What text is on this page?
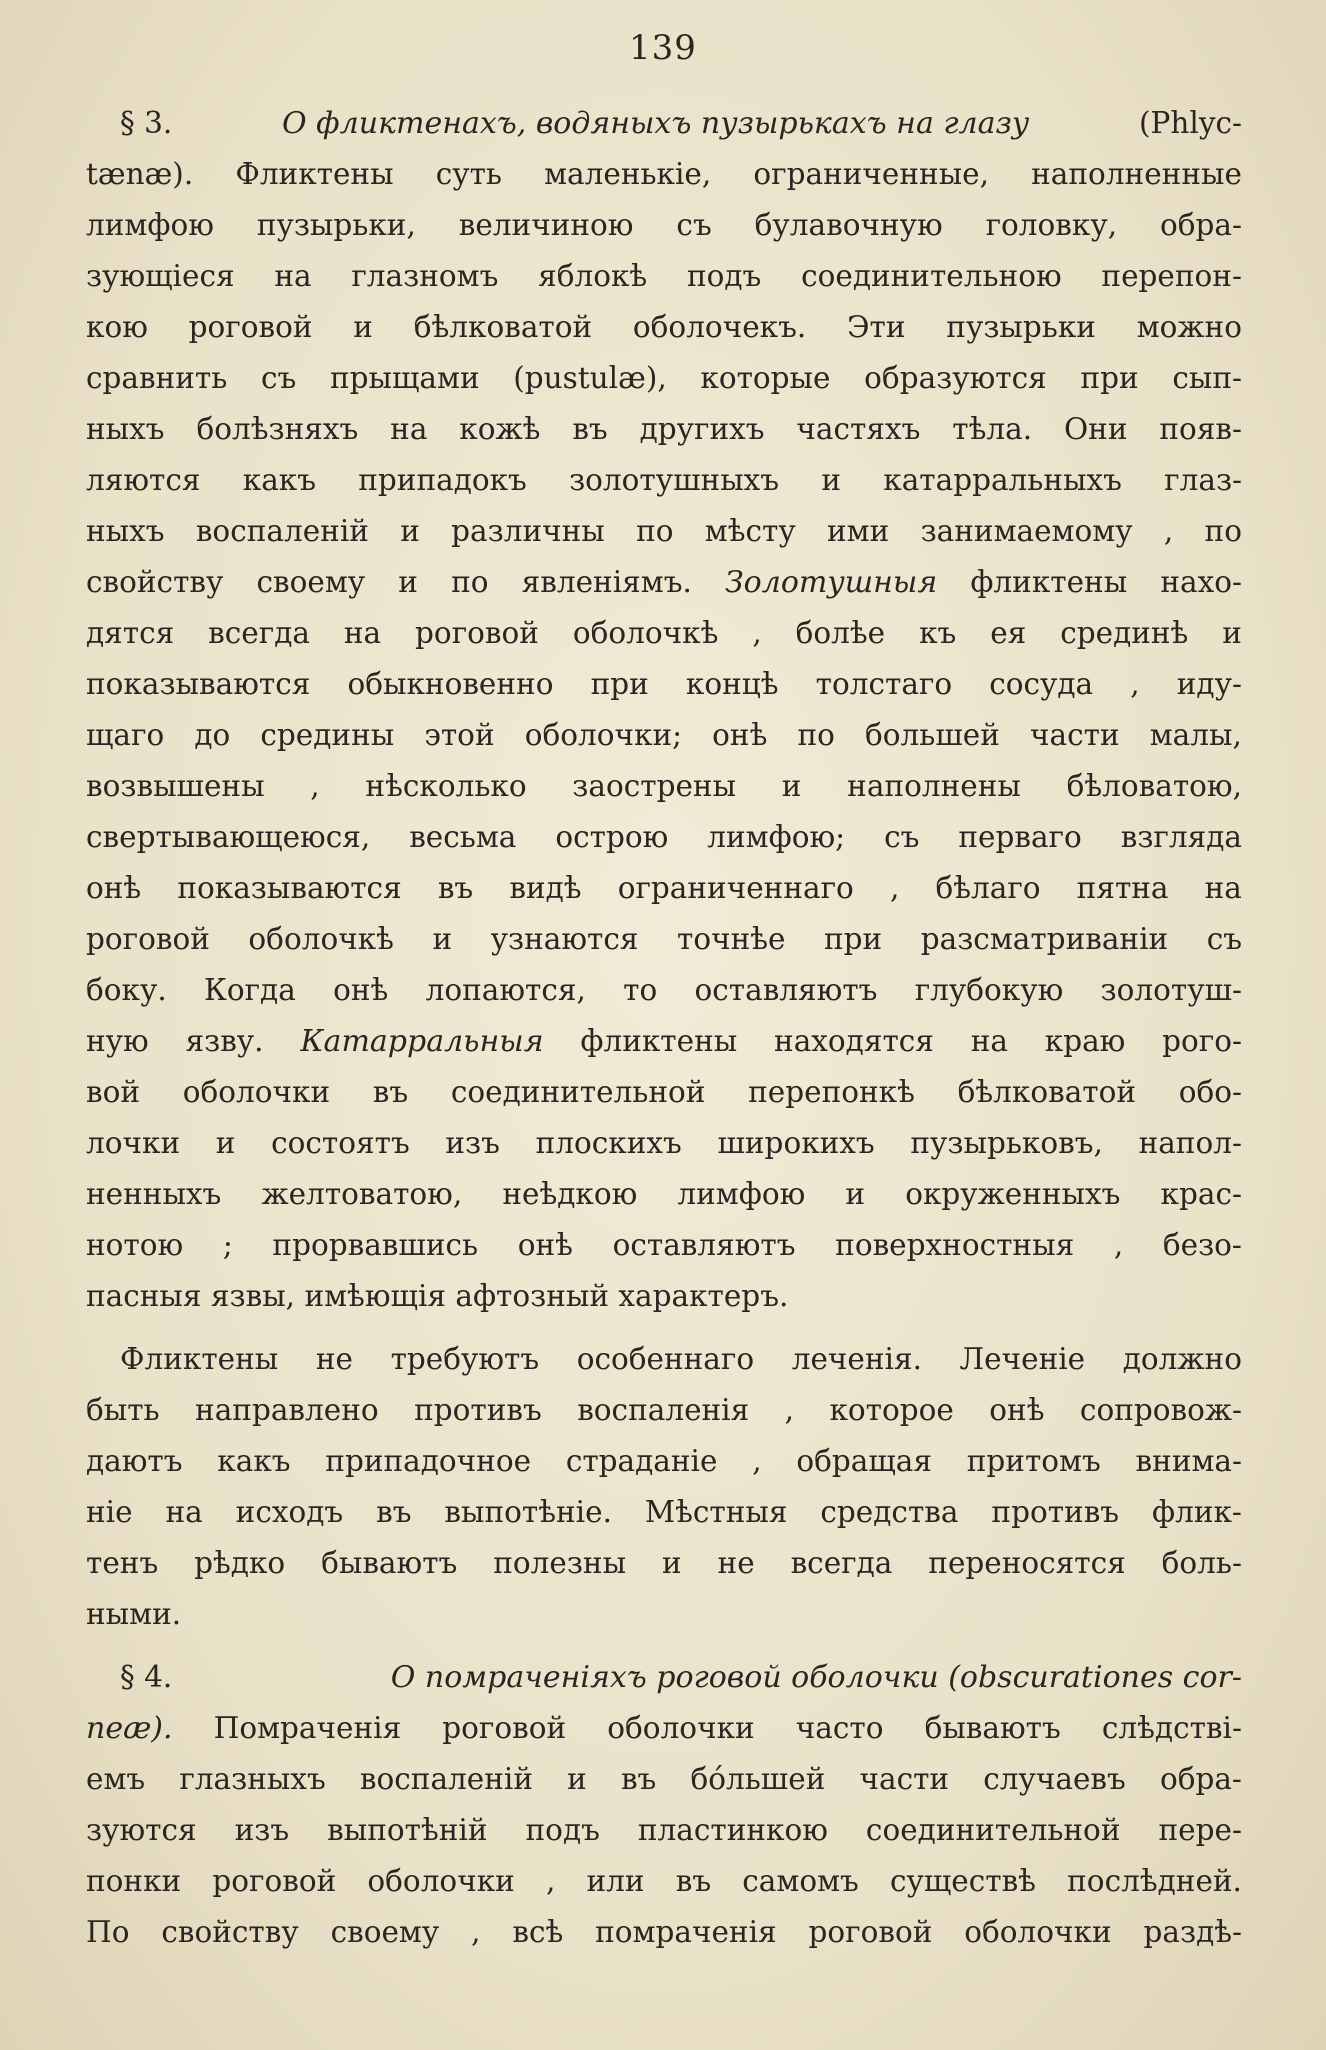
139
§ 3.	О фликтенахъ, водяныхъ пузырькахъ на глазу	(Phlyc-
tænæ). Фликтены суть маленькіе, ограниченные, наполненные
лимфою пузырьки, величиною съ булавочную головку, обра-
зующіеся на глазномъ яблокѣ подъ соединительною перепон-
кою роговой и бѣлковатой оболочекъ. Эти пузырьки можно
сравнить съ прыщами (pustulæ), которые образуются при сып-
ныхъ болѣзняхъ на кожѣ въ другихъ частяхъ тѣла. Они появ-
ляются какъ припадокъ золотушныхъ и катарральныхъ глаз-
ныхъ воспаленій и различны по мѣсту ими занимаемому , по
свойству своему и по явленіямъ. Золотушныя фликтены нахо-
дятся всегда на роговой оболочкѣ , болѣе къ ея срединѣ и
показываются обыкновенно при концѣ толстаго сосуда , иду-
щаго до средины этой оболочки; онѣ по большей части малы,
возвышены , нѣсколько заострены и наполнены бѣловатою,
свертывающеюся, весьма острою лимфою; съ перваго взгляда
онѣ показываются въ видѣ ограниченнаго , бѣлаго пятна на
роговой оболочкѣ и узнаются точнѣе при разсматриваніи съ
боку. Когда онѣ лопаются, то оставляютъ глубокую золотуш-
ную язву. Катарральныя фликтены находятся на краю рого-
вой оболочки въ соединительной перепонкѣ бѣлковатой обо-
лочки и состоятъ изъ плоскихъ широкихъ пузырьковъ, напол-
ненныхъ желтоватою, неѣдкою лимфою и окруженныхъ крас-
нотою ; прорвавшись онѣ оставляютъ поверхностныя , безо-
пасныя язвы, имѣющія афтозный характеръ.
Фликтены не требуютъ особеннаго леченія. Леченіе должно
быть направлено противъ воспаленія , которое онѣ сопровож-
даютъ какъ припадочное страданіе , обращая притомъ внима-
ніе на исходъ въ выпотѣніе. Мѣстныя средства противъ флик-
тенъ рѣдко бываютъ полезны и не всегда переносятся боль-
ными.
§ 4.	О помраченіяхъ роговой оболочки (obscurationes cor-
neæ). Помраченія роговой оболочки часто бываютъ слѣдстві-
емъ глазныхъ воспаленій и въ бо́льшей части случаевъ обра-
зуются изъ выпотѣній подъ пластинкою соединительной пере-
понки роговой оболочки , или въ самомъ существѣ послѣдней.
По свойству своему , всѣ помраченія роговой оболочки раздѣ-
